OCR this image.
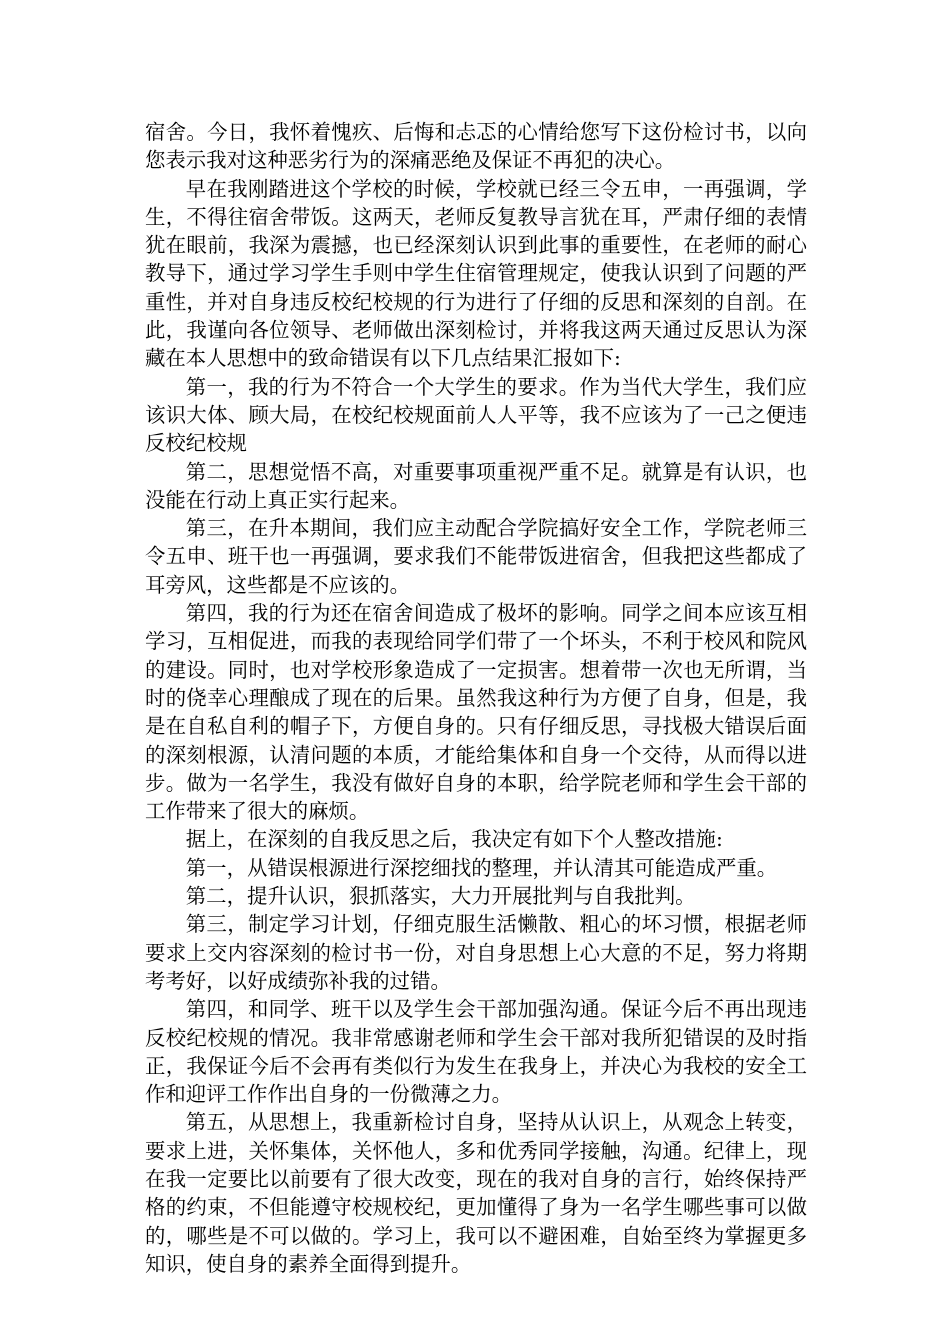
宿舍。今日，我怀着愧疚、后悔和忐忑的心情给您写下这份检讨书，以向您表示我对这种恶劣行为的深痛恶绝及保证不再犯的决心。

早在我刚踏进这个学校的时候，学校就已经三令五申，一再强调，学生，不得往宿舍带饭。这两天，老师反复教导言犹在耳，严肃仔细的表情犹在眼前，我深为震撼，也已经深刻认识到此事的重要性，在老师的耐心教导下，通过学习学生手则中学生住宿管理规定，使我认识到了问题的严重性，并对自身违反校纪校规的行为进行了仔细的反思和深刻的自剖。在此，我谨向各位领导、老师做出深刻检讨，并将我这两天通过反思认为深藏在本人思想中的致命错误有以下几点结果汇报如下:

第一，我的行为不符合一个大学生的要求。作为当代大学生，我们应该识大体、顾大局，在校纪校规面前人人平等，我不应该为了一己之便违反校纪校规

第二，思想觉悟不高，对重要事项重视严重不足。就算是有认识，也没能在行动上真正实行起来。

第三，在升本期间，我们应主动配合学院搞好安全工作，学院老师三令五申、班干也一再强调，要求我们不能带饭进宿舍，但我把这些都成了耳旁风，这些都是不应该的。

第四，我的行为还在宿舍间造成了极坏的影响。同学之间本应该互相学习，互相促进，而我的表现给同学们带了一个坏头，不利于校风和院风的建设。同时，也对学校形象造成了一定损害。想着带一次也无所谓，当时的侥幸心理酿成了现在的后果。虽然我这种行为方便了自身，但是，我是在自私自利的帽子下，方便自身的。只有仔细反思，寻找极大错误后面的深刻根源，认清问题的本质，才能给集体和自身一个交待，从而得以进步。做为一名学生，我没有做好自身的本职，给学院老师和学生会干部的工作带来了很大的麻烦。

据上，在深刻的自我反思之后，我决定有如下个人整改措施:

第一，从错误根源进行深挖细找的整理，并认清其可能造成严重。

第二，提升认识，狠抓落实，大力开展批判与自我批判。

第三，制定学习计划，仔细克服生活懒散、粗心的坏习惯，根据老师要求上交内容深刻的检讨书一份，对自身思想上心大意的不足，努力将期考考好，以好成绩弥补我的过错。

第四，和同学、班干以及学生会干部加强沟通。保证今后不再出现违反校纪校规的情况。我非常感谢老师和学生会干部对我所犯错误的及时指正，我保证今后不会再有类似行为发生在我身上，并决心为我校的安全工作和迎评工作作出自身的一份微薄之力。

第五，从思想上，我重新检讨自身，坚持从认识上，从观念上转变，要求上进，关怀集体，关怀他人，多和优秀同学接触，沟通。纪律上，现在我一定要比以前要有了很大改变，现在的我对自身的言行，始终保持严格的约束，不但能遵守校规校纪，更加懂得了身为一名学生哪些事可以做的，哪些是不可以做的。学习上，我可以不避困难，自始至终为掌握更多知识，使自身的素养全面得到提升。
